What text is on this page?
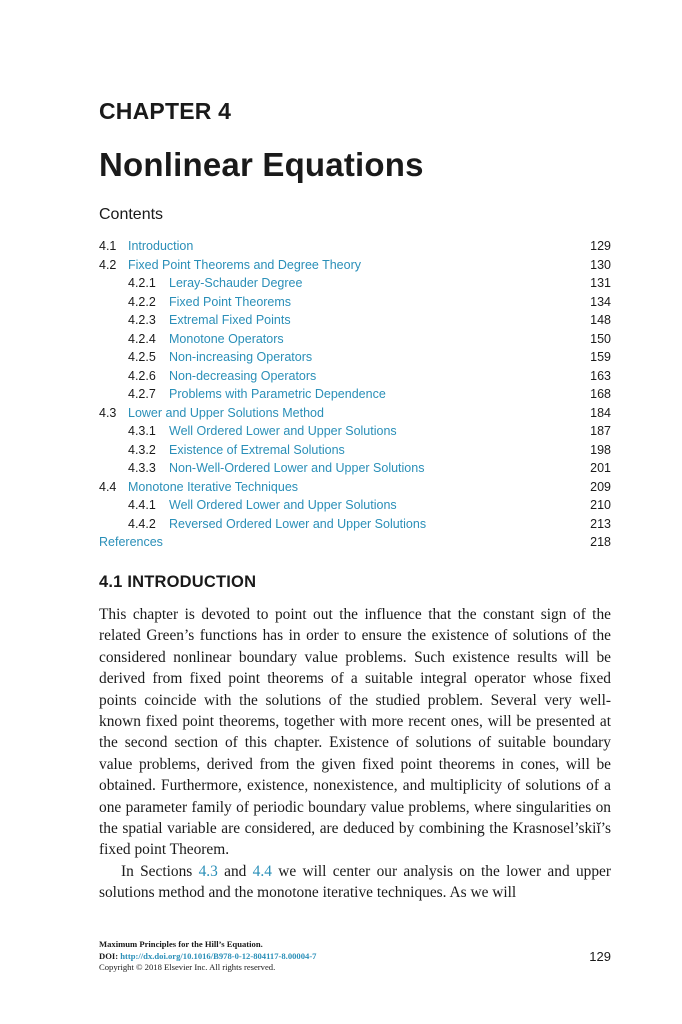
CHAPTER 4
Nonlinear Equations
Contents
4.1 Introduction	129
4.2 Fixed Point Theorems and Degree Theory	130
4.2.1 Leray-Schauder Degree	131
4.2.2 Fixed Point Theorems	134
4.2.3 Extremal Fixed Points	148
4.2.4 Monotone Operators	150
4.2.5 Non-increasing Operators	159
4.2.6 Non-decreasing Operators	163
4.2.7 Problems with Parametric Dependence	168
4.3 Lower and Upper Solutions Method	184
4.3.1 Well Ordered Lower and Upper Solutions	187
4.3.2 Existence of Extremal Solutions	198
4.3.3 Non-Well-Ordered Lower and Upper Solutions	201
4.4 Monotone Iterative Techniques	209
4.4.1 Well Ordered Lower and Upper Solutions	210
4.4.2 Reversed Ordered Lower and Upper Solutions	213
References	218
4.1 INTRODUCTION

This chapter is devoted to point out the influence that the constant sign of the related Green’s functions has in order to ensure the existence of solutions of the considered nonlinear boundary value problems. Such existence results will be derived from fixed point theorems of a suitable integral operator whose fixed points coincide with the solutions of the studied problem. Several very well-known fixed point theorems, together with more recent ones, will be presented at the second section of this chapter. Existence of solutions of suitable boundary value problems, derived from the given fixed point theorems in cones, will be obtained. Furthermore, existence, nonexistence, and multiplicity of solutions of a one parameter family of periodic boundary value problems, where singularities on the spatial variable are considered, are deduced by combining the Krasnosel’skiĭ’s fixed point Theorem.

In Sections 4.3 and 4.4 we will center our analysis on the lower and upper solutions method and the monotone iterative techniques. As we will

Maximum Principles for the Hill’s Equation.
DOI: http://dx.doi.org/10.1016/B978-0-12-804117-8.00004-7
Copyright © 2018 Elsevier Inc. All rights reserved.
129
